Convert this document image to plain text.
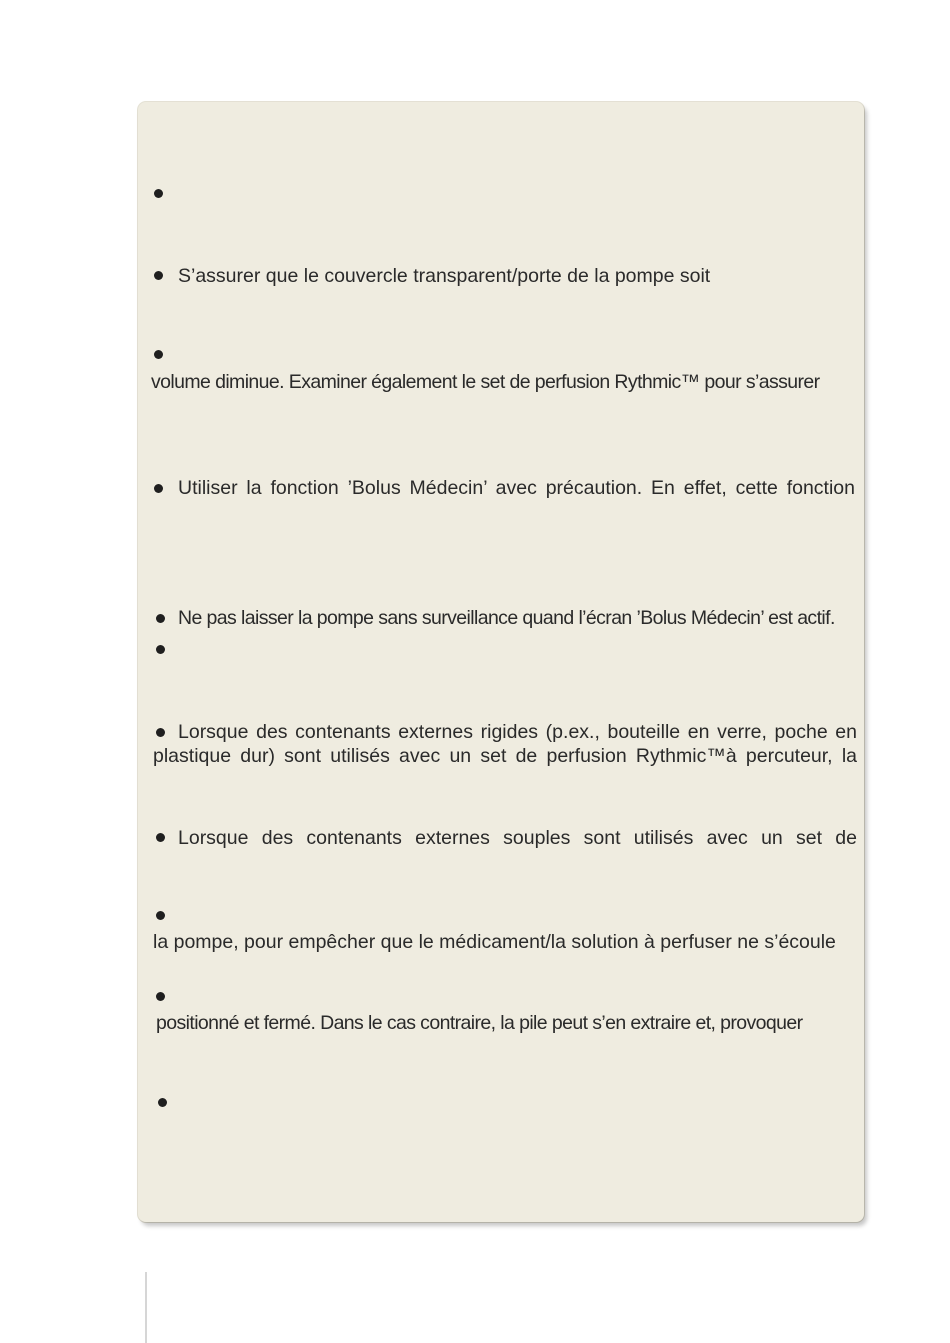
S’assurer que le couvercle transparent/porte de la pompe soit
volume diminue. Examiner également le set de perfusion Rythmic™ pour s’assurer
Utiliser la fonction ’Bolus Médecin’ avec précaution. En effet, cette fonction
Ne pas laisser la pompe sans surveillance quand l’écran ’Bolus Médecin’ est actif.
Lorsque des contenants externes rigides (p.ex., bouteille en verre, poche en
plastique dur) sont utilisés avec un set de perfusion Rythmic™à percuteur, la
Lorsque des contenants externes souples sont utilisés avec un set de
la pompe, pour empêcher que le médicament/la solution à perfuser ne s’écoule
positionné et fermé. Dans le cas contraire, la pile peut s’en extraire et, provoquer
